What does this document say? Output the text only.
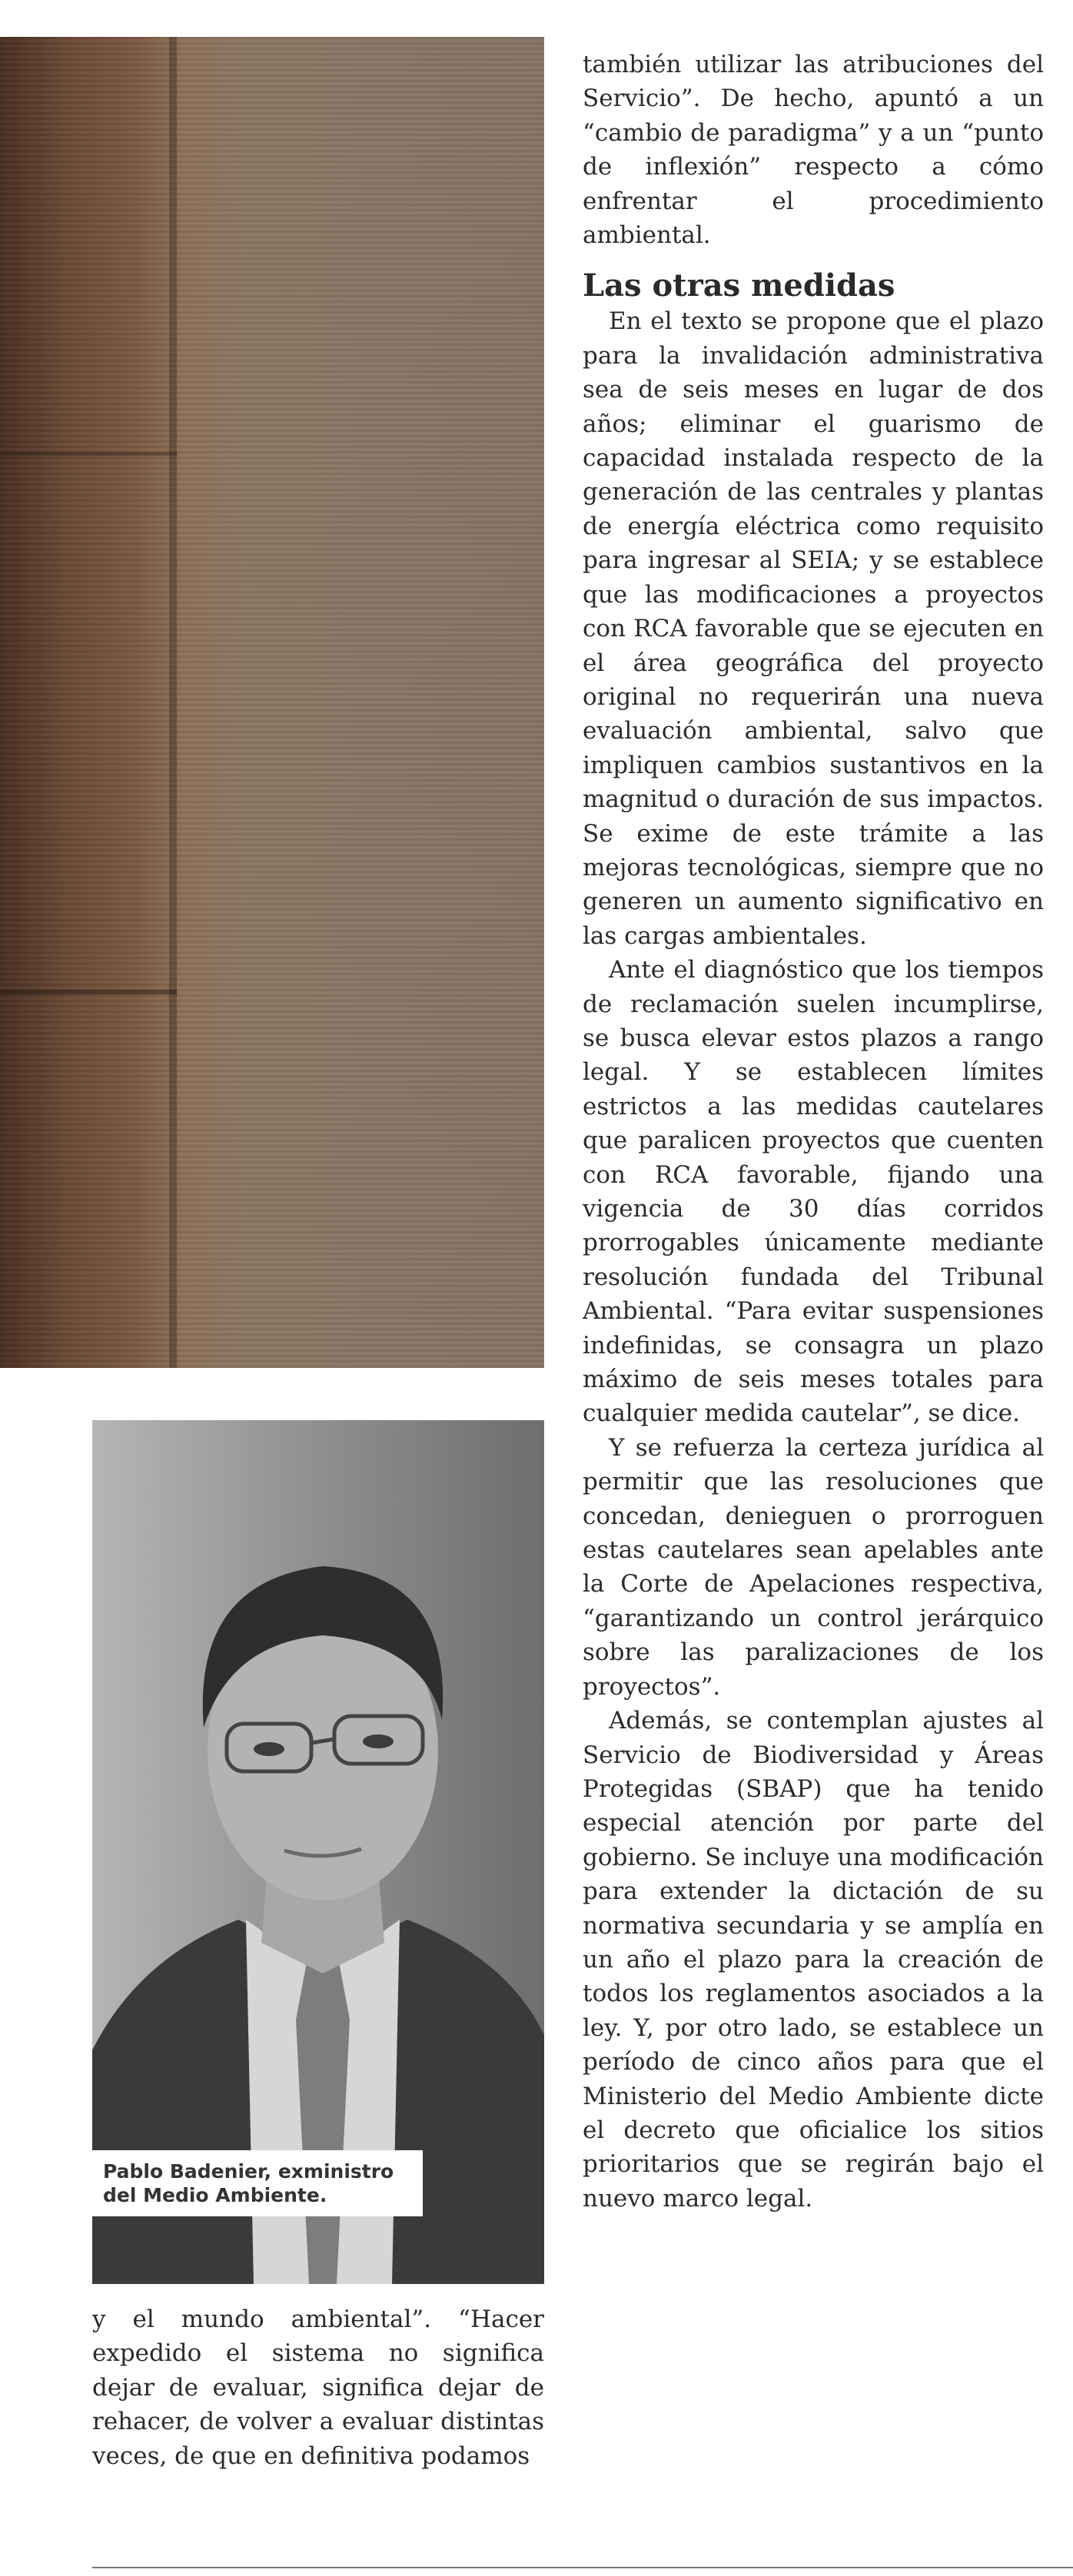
Pablo Badenier, exministro del Medio Ambiente.

también utilizar las atribuciones del Servicio”. De hecho, apuntó a un “cambio de paradigma” y a un “punto de inflexión” respecto a cómo enfrentar el procedimiento ambiental.

Las otras medidas

En el texto se propone que el plazo para la invalidación administrativa sea de seis meses en lugar de dos años; eliminar el guarismo de capacidad instalada respecto de la generación de las centrales y plantas de energía eléctrica como requisito para ingresar al SEIA; y se establece que las modificaciones a proyectos con RCA favorable que se ejecuten en el área geográfica del proyecto original no requerirán una nueva evaluación ambiental, salvo que impliquen cambios sustantivos en la magnitud o duración de sus impactos. Se exime de este trámite a las mejoras tecnológicas, siempre que no generen un aumento significativo en las cargas ambientales.

Ante el diagnóstico que los tiempos de reclamación suelen incumplirse, se busca elevar estos plazos a rango legal. Y se establecen límites estrictos a las medidas cautelares que paralicen proyectos que cuenten con RCA favorable, fijando una vigencia de 30 días corridos prorrogables únicamente mediante resolución fundada del Tribunal Ambiental. “Para evitar suspensiones indefinidas, se consagra un plazo máximo de seis meses totales para cualquier medida cautelar”, se dice.

Y se refuerza la certeza jurídica al permitir que las resoluciones que concedan, denieguen o prorroguen estas cautelares sean apelables ante la Corte de Apelaciones respectiva, “garantizando un control jerárquico sobre las paralizaciones de los proyectos”.

Además, se contemplan ajustes al Servicio de Biodiversidad y Áreas Protegidas (SBAP) que ha tenido especial atención por parte del gobierno. Se incluye una modificación para extender la dictación de su normativa secundaria y se amplía en un año el plazo para la creación de todos los reglamentos asociados a la ley. Y, por otro lado, se establece un período de cinco años para que el Ministerio del Medio Ambiente dicte el decreto que oficialice los sitios prioritarios que se regirán bajo el nuevo marco legal.

y el mundo ambiental”. “Hacer expedido el sistema no significa dejar de evaluar, significa dejar de rehacer, de volver a evaluar distintas veces, de que en definitiva podamos
